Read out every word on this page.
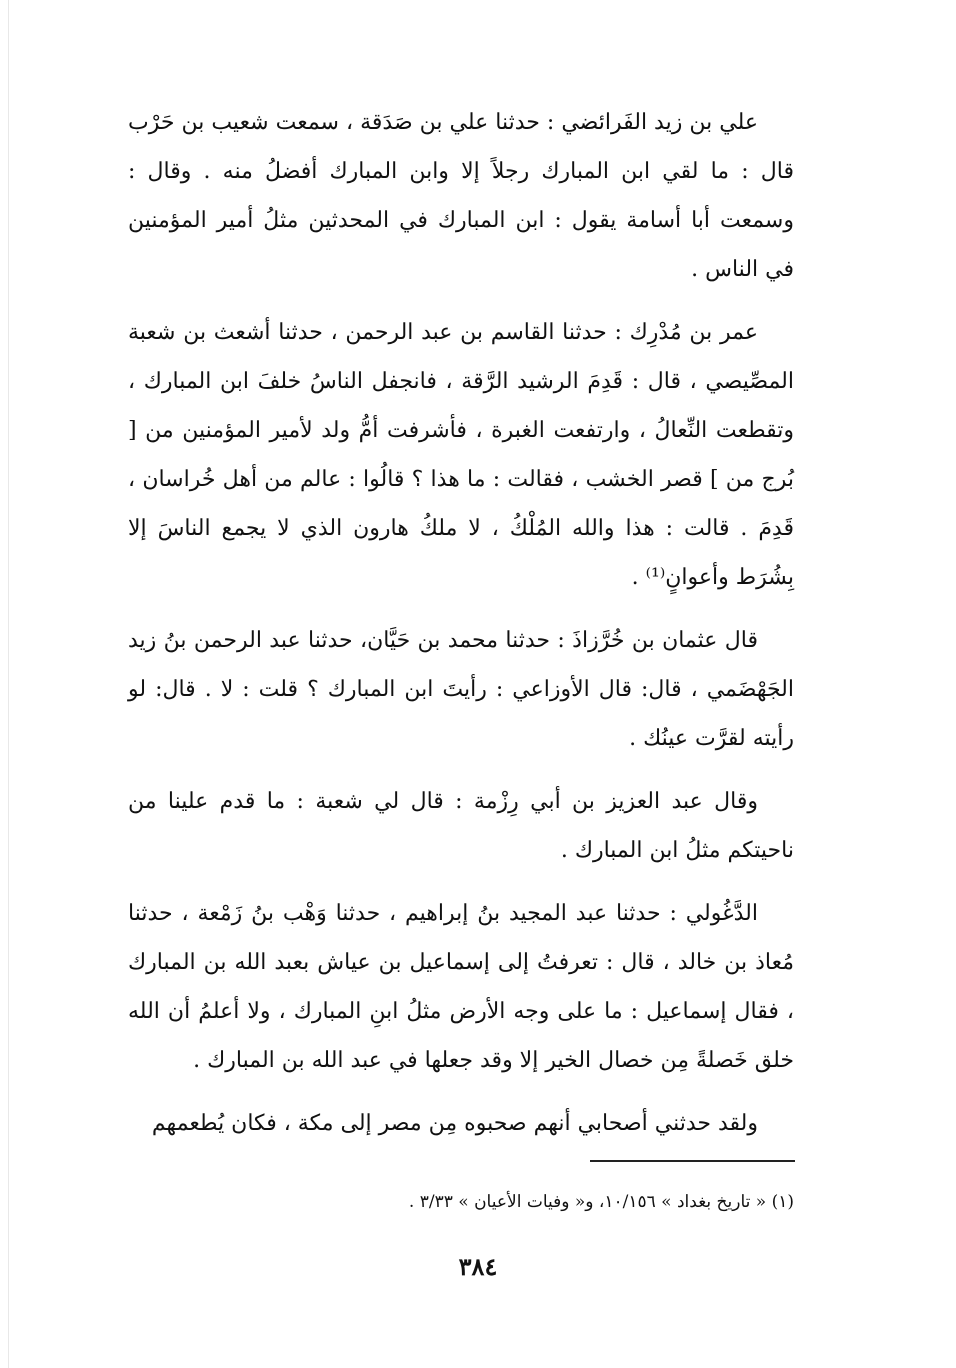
علي بن زيد الفَرائضي : حدثنا علي بن صَدَقة ، سمعت شعيب بن حَرْب قال : ما لقي ابن المبارك رجلاً إلا وابن المبارك أفضلُ منه . وقال : وسمعت أبا أسامة يقول : ابن المبارك في المحدثين مثلُ أمير المؤمنين في الناس .

عمر بن مُدْرِك : حدثنا القاسم بن عبد الرحمن ، حدثنا أشعث بن شعبة المصِّيصي ، قال : قَدِمَ الرشيد الرَّقة ، فانجفل الناسُ خلفَ ابن المبارك ، وتقطعت النِّعالُ ، وارتفعت الغبرة ، فأشرفت أمُّ ولد لأمير المؤمنين من [ بُرج من ] قصر الخشب ، فقالت : ما هذا ؟ قالُوا : عالم من أهل خُراسان ، قَدِمَ . قالت : هذا والله المُلْكُ ، لا ملكُ هارون الذي لا يجمع الناسَ إلا بِشُرَط وأعوانٍ⁽¹⁾ .

قال عثمان بن خُرَّزاذَ : حدثنا محمد بن حَيَّان، حدثنا عبد الرحمن بنُ زيد الجَهْضَمي ، قال: قال الأوزاعي : رأيتَ ابن المبارك ؟ قلت : لا . قال: لو رأيته لقرَّت عينُك .

وقال عبد العزيز بن أبي رِزْمة : قال لي شعبة : ما قدم علينا من ناحيتكم مثلُ ابن المبارك .

الدَّغُولي : حدثنا عبد المجيد بنُ إبراهيم ، حدثنا وَهْب بنُ زَمْعة ، حدثنا مُعاذ بن خالد ، قال : تعرفتُ إلى إسماعيل بن عياش بعبد الله بن المبارك ، فقال إسماعيل : ما على وجه الأرض مثلُ ابنِ المبارك ، ولا أعلمُ أن الله خلق خَصلةً مِن خصال الخير إلا وقد جعلها في عبد الله بن المبارك .

ولقد حدثني أصحابي أنهم صحبوه مِن مصر إلى مكة ، فكان يُطعمهم

(١) « تاريخ بغداد » ١٠/١٥٦، و« وفيات الأعيان » ٣/٣٣ .
٣٨٤
